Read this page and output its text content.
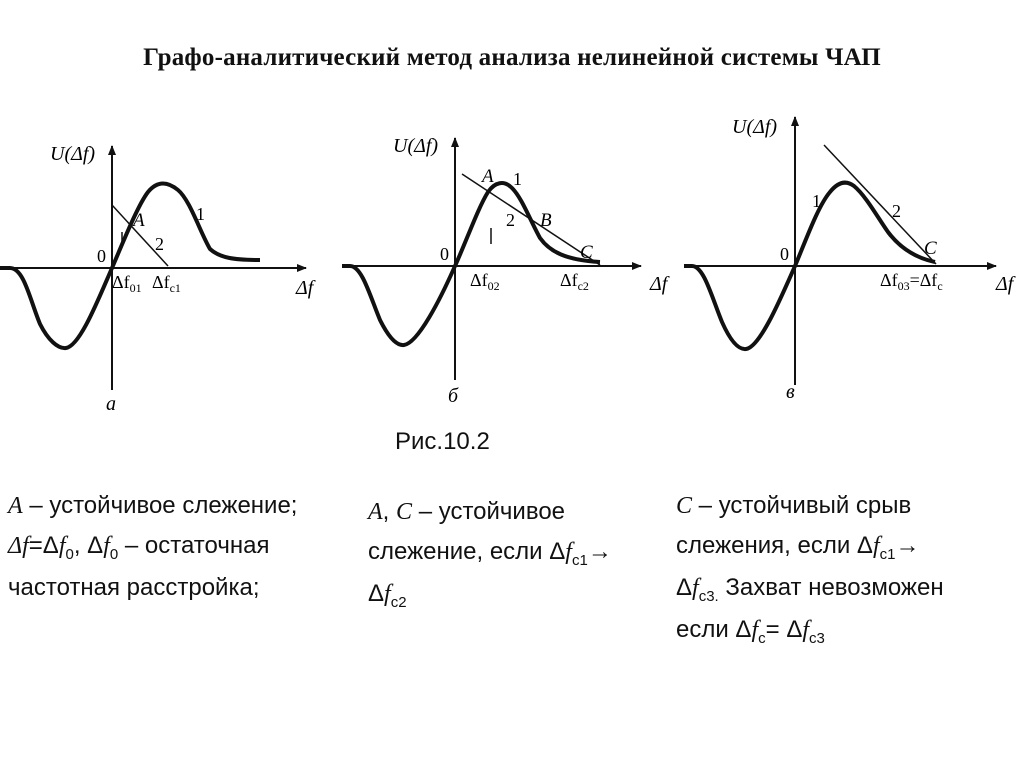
Графо-аналитический метод анализа нелинейной системы ЧАП
U(Δf)
0
A	1
2
$\Delta f_{01}$ $\Delta f_{c1}$	Δf
а
U(Δf)
0
A 1
2 B
C
$\Delta f_{02}$	$\Delta f_{c2}$	Δf
б
U(Δf)
0
1	2
C
$\Delta f_{03}=\Delta f_c$	Δf
в
Рис.10.2
A – устойчивое слежение; $\Delta f=\Delta f_0$, $\Delta f_0$ – остаточная частотная расстройка;
A, C – устойчивое слежение, если $\Delta f_{c1}\to \Delta f_{c2}$
C – устойчивый срыв слежения, если $\Delta f_{c1}\to$
$\Delta f_{c3.}$ Захват невозможен если $\Delta f_c= \Delta f_{c3}$
